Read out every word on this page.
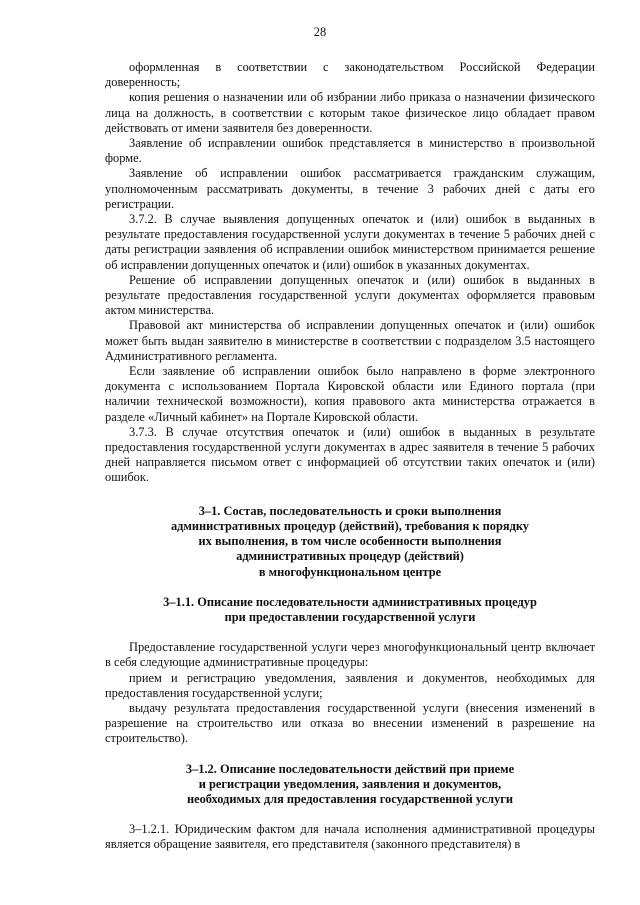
28

оформленная в соответствии с законодательством Российской Федерации доверенность;

копия решения о назначении или об избрании либо приказа о назначении физического лица на должность, в соответствии с которым такое физическое лицо обладает правом действовать от имени заявителя без доверенности.

Заявление об исправлении ошибок представляется в министерство в произвольной форме.

Заявление об исправлении ошибок рассматривается гражданским служащим, уполномоченным рассматривать документы, в течение 3 рабочих дней с даты его регистрации.

3.7.2. В случае выявления допущенных опечаток и (или) ошибок в выданных в результате предоставления государственной услуги документах в течение 5 рабочих дней с даты регистрации заявления об исправлении ошибок министерством принимается решение об исправлении допущенных опечаток и (или) ошибок в указанных документах.

Решение об исправлении допущенных опечаток и (или) ошибок в выданных в результате предоставления государственной услуги документах оформляется правовым актом министерства.

Правовой акт министерства об исправлении допущенных опечаток и (или) ошибок может быть выдан заявителю в министерстве в соответствии с подразделом 3.5 настоящего Административного регламента.

Если заявление об исправлении ошибок было направлено в форме электронного документа с использованием Портала Кировской области или Единого портала (при наличии технической возможности), копия правового акта министерства отражается в разделе «Личный кабинет» на Портале Кировской области.

3.7.3. В случае отсутствия опечаток и (или) ошибок в выданных в результате предоставления государственной услуги документах в адрес заявителя в течение 5 рабочих дней направляется письмом ответ с информацией об отсутствии таких опечаток и (или) ошибок.

3–1. Состав, последовательность и сроки выполнения
административных процедур (действий), требования к порядку
их выполнения, в том числе особенности выполнения
административных процедур (действий)
в многофункциональном центре
3–1.1. Описание последовательности административных процедур
при предоставлении государственной услуги

Предоставление государственной услуги через многофункциональный центр включает в себя следующие административные процедуры:

прием и регистрацию уведомления, заявления и документов, необходимых для предоставления государственной услуги;

выдачу результата предоставления государственной услуги (внесения изменений в разрешение на строительство или отказа во внесении изменений в разрешение на строительство).

3–1.2. Описание последовательности действий при приеме
и регистрации уведомления, заявления и документов,
необходимых для предоставления государственной услуги

3–1.2.1. Юридическим фактом для начала исполнения административной процедуры является обращение заявителя, его представителя (законного представителя) в
